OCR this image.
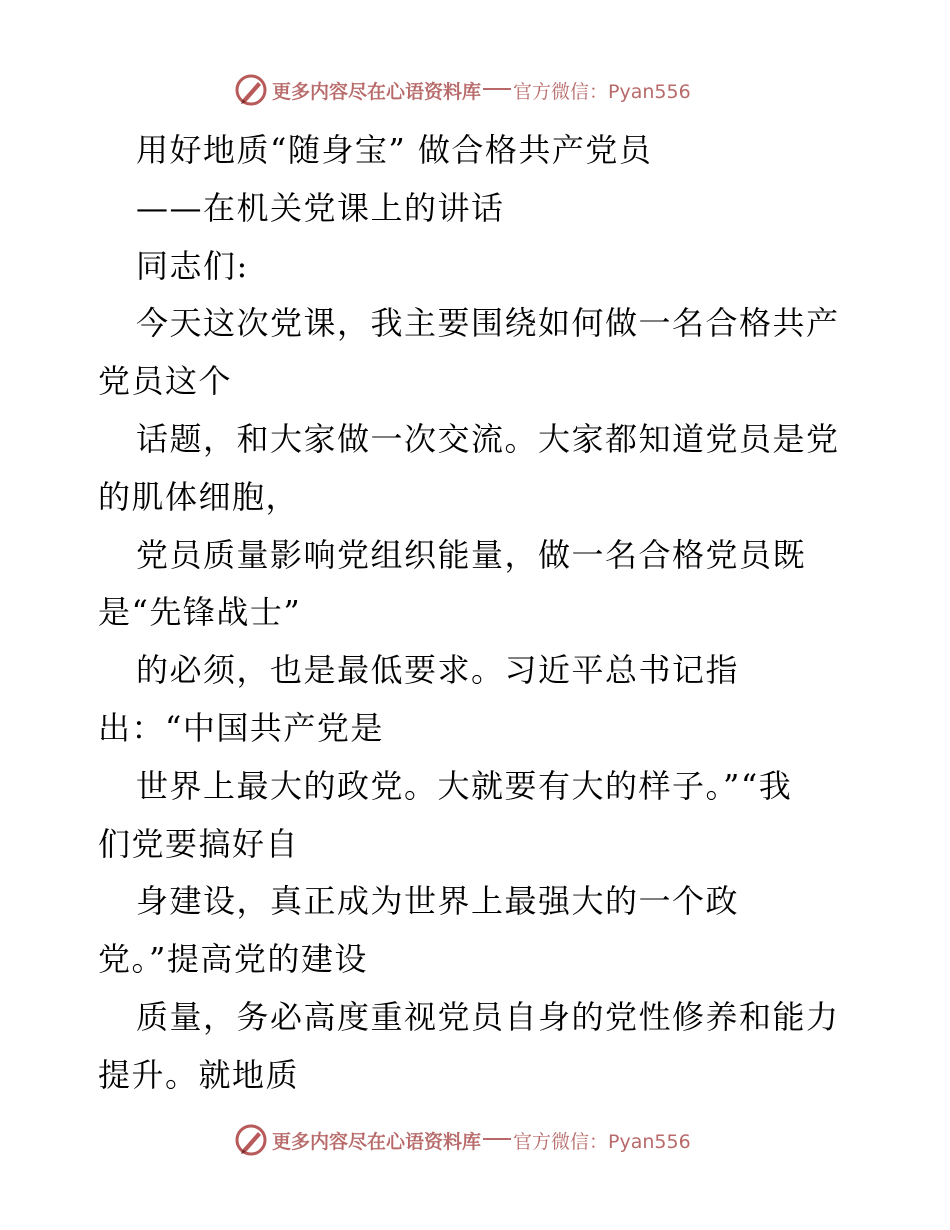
更多内容尽在心语资料库 官方微信：Pyan556
用好地质“随身宝” 做合格共产党员
——在机关党课上的讲话
同志们:
今天这次党课，我主要围绕如何做一名合格共产
党员这个
话题，和大家做一次交流。大家都知道党员是党
的肌体细胞，
党员质量影响党组织能量，做一名合格党员既
是“先锋战士”
的必须，也是最低要求。习近平总书记指
出：“中国共产党是
世界上最大的政党。大就要有大的样子。”“我
们党要搞好自
身建设，真正成为世界上最强大的一个政
党。”提高党的建设
质量，务必高度重视党员自身的党性修养和能力
提升。就地质
更多内容尽在心语资料库 官方微信：Pyan556
